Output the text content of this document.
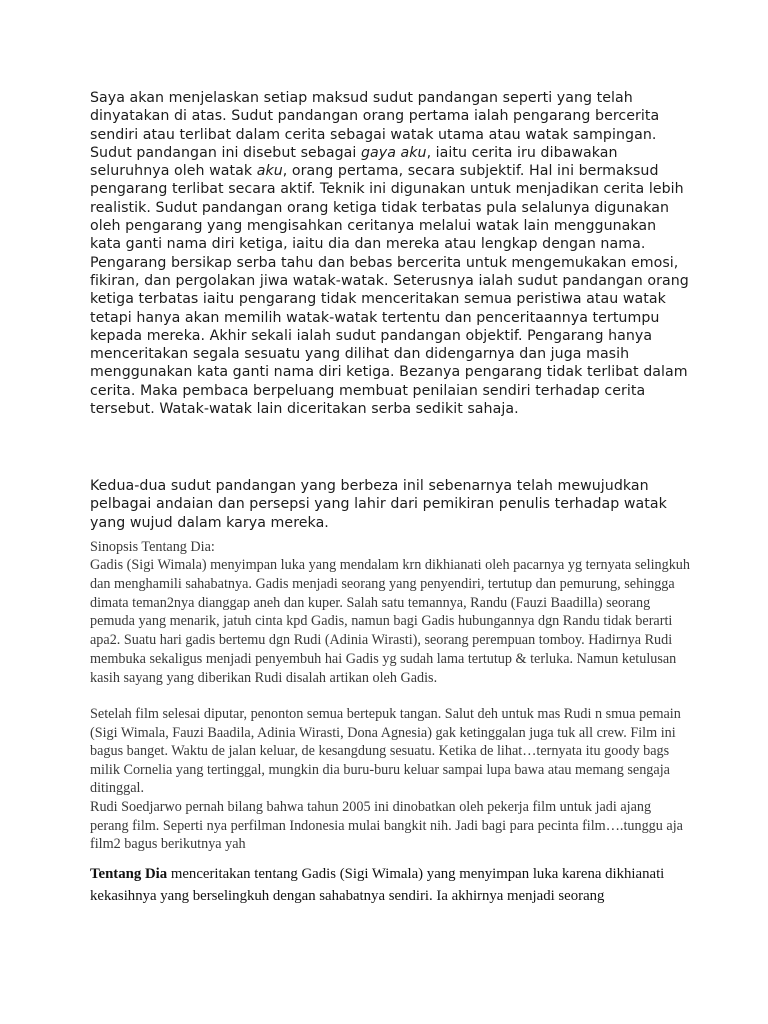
Saya akan menjelaskan setiap maksud sudut pandangan seperti yang telah dinyatakan di atas. Sudut pandangan orang pertama ialah pengarang bercerita sendiri atau terlibat dalam cerita sebagai watak utama atau watak sampingan. Sudut pandangan ini disebut sebagai gaya aku, iaitu cerita iru dibawakan seluruhnya oleh watak aku, orang pertama, secara subjektif. Hal ini bermaksud pengarang terlibat secara aktif. Teknik ini digunakan untuk menjadikan cerita lebih realistik. Sudut pandangan orang ketiga tidak terbatas pula selalunya digunakan oleh pengarang yang mengisahkan ceritanya melalui watak lain menggunakan kata ganti nama diri ketiga, iaitu dia dan mereka atau lengkap dengan nama. Pengarang bersikap serba tahu dan bebas bercerita untuk mengemukakan emosi, fikiran, dan pergolakan jiwa watak-watak. Seterusnya ialah sudut pandangan orang ketiga terbatas iaitu pengarang tidak menceritakan semua peristiwa atau watak tetapi hanya akan memilih watak-watak tertentu dan penceritaannya tertumpu kepada mereka. Akhir sekali ialah sudut pandangan objektif. Pengarang hanya menceritakan segala sesuatu yang dilihat dan didengarnya dan juga masih menggunakan kata ganti nama diri ketiga. Bezanya pengarang tidak terlibat dalam cerita. Maka pembaca berpeluang membuat penilaian sendiri terhadap cerita tersebut. Watak-watak lain diceritakan serba sedikit sahaja.

Kedua-dua sudut pandangan yang berbeza inil sebenarnya telah mewujudkan pelbagai andaian dan persepsi yang lahir dari pemikiran penulis terhadap watak yang wujud dalam karya mereka.

Sinopsis Tentang Dia:

Gadis (Sigi Wimala) menyimpan luka yang mendalam krn dikhianati oleh pacarnya yg ternyata selingkuh dan menghamili sahabatnya. Gadis menjadi seorang yang penyendiri, tertutup dan pemurung, sehingga dimata teman2nya dianggap aneh dan kuper. Salah satu temannya, Randu (Fauzi Baadilla) seorang pemuda yang menarik, jatuh cinta kpd Gadis, namun bagi Gadis hubungannya dgn Randu tidak berarti apa2. Suatu hari gadis bertemu dgn Rudi (Adinia Wirasti), seorang perempuan tomboy. Hadirnya Rudi membuka sekaligus menjadi penyembuh hai Gadis yg sudah lama tertutup & terluka. Namun ketulusan kasih sayang yang diberikan Rudi disalah artikan oleh Gadis.

Setelah film selesai diputar, penonton semua bertepuk tangan. Salut deh untuk mas Rudi n smua pemain (Sigi Wimala, Fauzi Baadila, Adinia Wirasti, Dona Agnesia) gak ketinggalan juga tuk all crew. Film ini bagus banget. Waktu de jalan keluar, de kesangdung sesuatu. Ketika de lihat…ternyata itu goody bags milik Cornelia yang tertinggal, mungkin dia buru-buru keluar sampai lupa bawa atau memang sengaja ditinggal.

Rudi Soedjarwo pernah bilang bahwa tahun 2005 ini dinobatkan oleh pekerja film untuk jadi ajang perang film. Seperti nya perfilman Indonesia mulai bangkit nih. Jadi bagi para pecinta film….tunggu aja film2 bagus berikutnya yah

Tentang Dia menceritakan tentang Gadis (Sigi Wimala) yang menyimpan luka karena dikhianati kekasihnya yang berselingkuh dengan sahabatnya sendiri. Ia akhirnya menjadi seorang
